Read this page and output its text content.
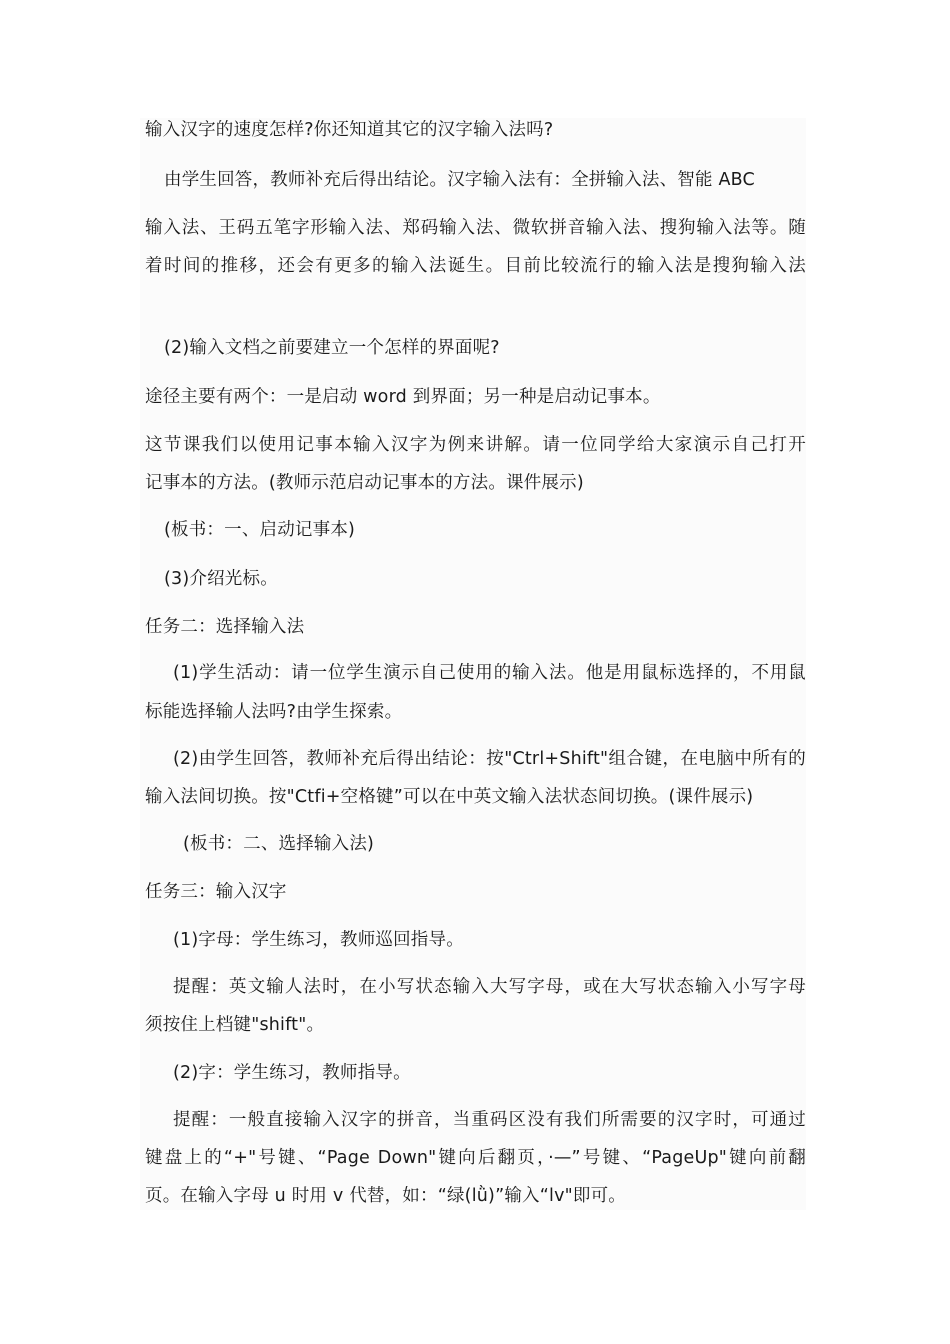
输入汉字的速度怎样?你还知道其它的汉字输入法吗?
由学生回答，教师补充后得出结论。汉字输入法有：全拼输入法、智能 ABC
输入法、王码五笔字形输入法、郑码输入法、微软拼音输入法、搜狗输入法等。随
着时间的推移，还会有更多的输入法诞生。目前比较流行的输入法是搜狗输入法
(2)输入文档之前要建立一个怎样的界面呢?
途径主要有两个：一是启动 word 到界面；另一种是启动记事本。
这节课我们以使用记事本输入汉字为例来讲解。请一位同学给大家演示自己打开
记事本的方法。(教师示范启动记事本的方法。课件展示)
(板书：一、启动记事本)
(3)介绍光标。
任务二：选择输入法
(1)学生活动：请一位学生演示自己使用的输入法。他是用鼠标选择的，不用鼠
标能选择输人法吗?由学生探索。
(2)由学生回答，教师补充后得出结论：按"Ctrl+Shift"组合键，在电脑中所有的
输入法间切换。按"Ctfi+空格键”可以在中英文输入法状态间切换。(课件展示)
(板书：二、选择输入法)
任务三：输入汉字
(1)字母：学生练习，教师巡回指导。
提醒：英文输人法时，在小写状态输入大写字母，或在大写状态输入小写字母
须按住上档键"shift"。
(2)字：学生练习，教师指导。
提醒：一般直接输入汉字的拼音，当重码区没有我们所需要的汉字时，可通过
键盘上的“+"号键、“Page Down"键向后翻页，·—”号键、“PageUp"键向前翻
页。在输入字母 u 时用 v 代替，如：“绿(lǜ)”输入“lv"即可。
